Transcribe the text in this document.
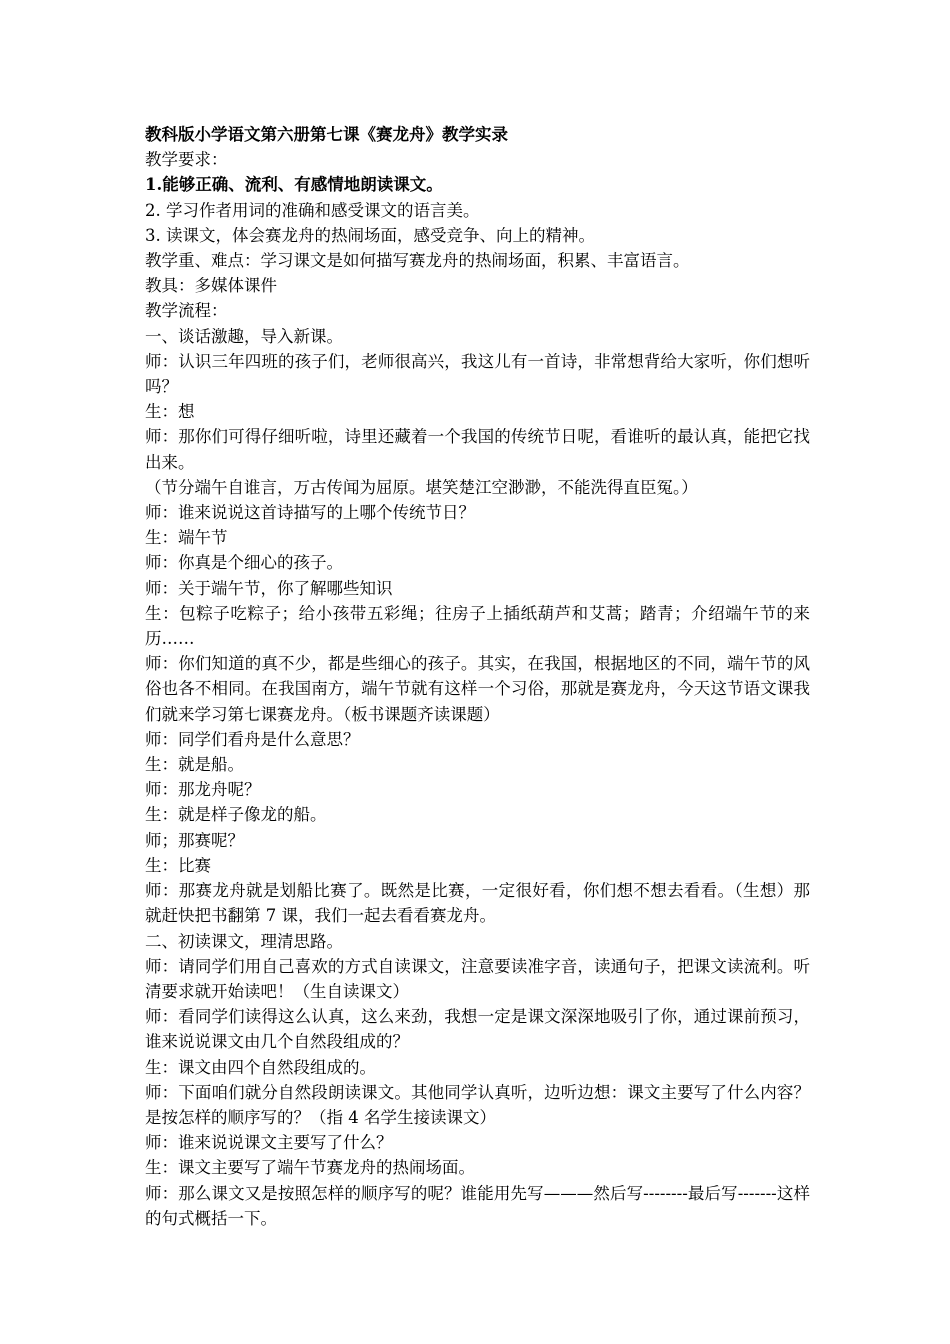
教科版小学语文第六册第七课《赛龙舟》教学实录

教学要求：

1.能够正确、流利、有感情地朗读课文。

2. 学习作者用词的准确和感受课文的语言美。

3. 读课文，体会赛龙舟的热闹场面，感受竞争、向上的精神。

教学重、难点：学习课文是如何描写赛龙舟的热闹场面，积累、丰富语言。

教具：多媒体课件

教学流程：

一、谈话激趣，导入新课。

师：认识三年四班的孩子们，老师很高兴，我这儿有一首诗，非常想背给大家听，你们想听吗？

生：想

师：那你们可得仔细听啦，诗里还藏着一个我国的传统节日呢，看谁听的最认真，能把它找出来。

（节分端午自谁言，万古传闻为屈原。堪笑楚江空渺渺，不能洗得直臣冤。）

师：谁来说说这首诗描写的上哪个传统节日？

生：端午节

师：你真是个细心的孩子。

师：关于端午节，你了解哪些知识

生：包粽子吃粽子；给小孩带五彩绳；往房子上插纸葫芦和艾蒿；踏青；介绍端午节的来历……

师：你们知道的真不少，都是些细心的孩子。其实，在我国，根据地区的不同，端午节的风俗也各不相同。在我国南方，端午节就有这样一个习俗，那就是赛龙舟，今天这节语文课我们就来学习第七课赛龙舟。（板书课题齐读课题）

师：同学们看舟是什么意思？

生：就是船。

师：那龙舟呢？

生：就是样子像龙的船。

师；那赛呢？

生：比赛

师：那赛龙舟就是划船比赛了。既然是比赛，一定很好看，你们想不想去看看。（生想）那就赶快把书翻第 7 课，我们一起去看看赛龙舟。

二、初读课文，理清思路。

师：请同学们用自己喜欢的方式自读课文，注意要读准字音，读通句子，把课文读流利。听清要求就开始读吧！（生自读课文）

师：看同学们读得这么认真，这么来劲，我想一定是课文深深地吸引了你，通过课前预习，谁来说说课文由几个自然段组成的？

生：课文由四个自然段组成的。

师：下面咱们就分自然段朗读课文。其他同学认真听，边听边想：课文主要写了什么内容？是按怎样的顺序写的？（指 4 名学生接读课文）

师：谁来说说课文主要写了什么？

生：课文主要写了端午节赛龙舟的热闹场面。

师：那么课文又是按照怎样的顺序写的呢？谁能用先写———然后写--------最后写-------这样的句式概括一下。
